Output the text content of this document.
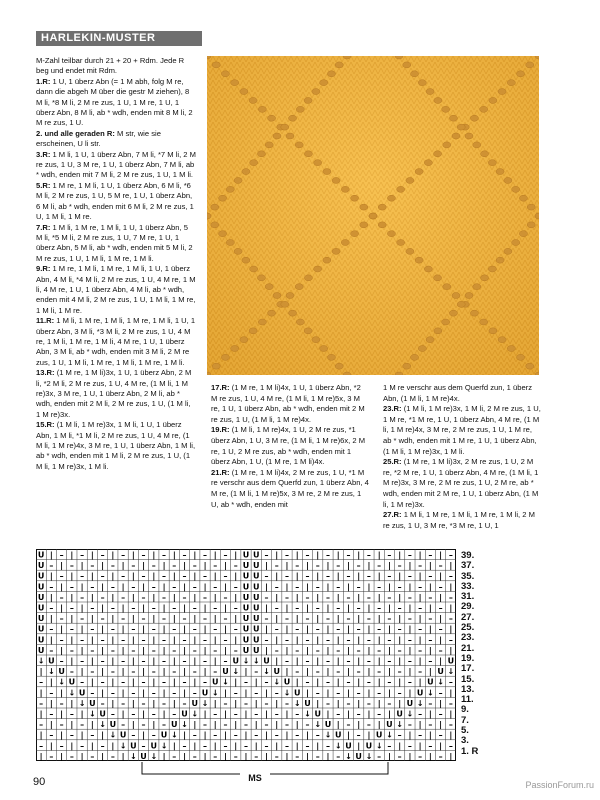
HARLEKIN-MUSTER

M-Zahl teilbar durch 21 + 20 + Rdm. Jede R beg und endet mit Rdm.

1.R: 1 U, 1 überz Abn (= 1 M abh, folg M re, dann die abgeh M über die gestr M ziehen), 8 M li, *8 M li, 2 M re zus, 1 U, 1 M re, 1 U, 1 überz Abn, 8 M li, ab * wdh, enden mit 8 M li, 2 M re zus, 1 U.

2. und alle geraden R: M str, wie sie erscheinen, U li str.

3.R: 1 M li, 1 U, 1 überz Abn, 7 M li, *7 M li, 2 M re zus, 1 U, 3 M re, 1 U, 1 überz Abn, 7 M li, ab * wdh, enden mit 7 M li, 2 M re zus, 1 U, 1 M li.

5.R: 1 M re, 1 M li, 1 U, 1 überz Abn, 6 M li, *6 M li, 2 M re zus, 1 U, 5 M re, 1 U, 1 überz Abn, 6 M li, ab * wdh, enden mit 6 M li, 2 M re zus, 1 U, 1 M li, 1 M re.

7.R: 1 M li, 1 M re, 1 M li, 1 U, 1 überz Abn, 5 M li, *5 M li, 2 M re zus, 1 U, 7 M re, 1 U, 1 überz Abn, 5 M li, ab * wdh, enden mit 5 M li, 2 M re zus, 1 U, 1 M li, 1 M re, 1 M li.

9.R: 1 M re, 1 M li, 1 M re, 1 M li, 1 U, 1 überz Abn, 4 M li, *4 M li, 2 M re zus, 1 U, 4 M re, 1 M li, 4 M re, 1 U, 1 überz Abn, 4 M li, ab * wdh, enden mit 4 M li, 2 M re zus, 1 U, 1 M li, 1 M re, 1 M li, 1 M re.

11.R: 1 M li, 1 M re, 1 M li, 1 M re, 1 M li, 1 U, 1 überz Abn, 3 M li, *3 M li, 2 M re zus, 1 U, 4 M re, 1 M li, 1 M re, 1 M li, 4 M re, 1 U, 1 überz Abn, 3 M li, ab * wdh, enden mit 3 M li, 2 M re zus, 1 U, 1 M li, 1 M re, 1 M li, 1 M re, 1 M li.

13.R: (1 M re, 1 M li)3x, 1 U, 1 überz Abn, 2 M li, *2 M li, 2 M re zus, 1 U, 4 M re, (1 M li, 1 M re)3x, 3 M re, 1 U, 1 überz Abn, 2 M li, ab * wdh, enden mit 2 M li, 2 M re zus, 1 U, (1 M li, 1 M re)3x.

15.R: (1 M li, 1 M re)3x, 1 M li, 1 U, 1 überz Abn, 1 M li, *1 M li, 2 M re zus, 1 U, 4 M re, (1 M li, 1 M re)4x, 3 M re, 1 U, 1 überz Abn, 1 M li, ab * wdh, enden mit 1 M li, 2 M re zus, 1 U, (1 M li, 1 M re)3x, 1 M li.

17.R: (1 M re, 1 M li)4x, 1 U, 1 überz Abn, *2 M re zus, 1 U, 4 M re, (1 M li, 1 M re)5x, 3 M re, 1 U, 1 überz Abn, ab * wdh, enden mit 2 M re zus, 1 U, (1 M li, 1 M re)4x.

19.R: (1 M li, 1 M re)4x, 1 U, 2 M re zus, *1 überz Abn, 1 U, 3 M re, (1 M li, 1 M re)6x, 2 M re, 1 U, 2 M re zus, ab * wdh, enden mit 1 überz Abn, 1 U, (1 M re, 1 M li)4x.

21.R: (1 M re, 1 M li)4x, 2 M re zus, 1 U, *1 M re verschr aus dem Querfd zun, 1 überz Abn, 4 M re, (1 M li, 1 M re)5x, 3 M re, 2 M re zus, 1 U, ab * wdh, enden mit

1 M re verschr aus dem Querfd zun, 1 überz Abn, (1 M li, 1 M re)4x.

23.R: (1 M li, 1 M re)3x, 1 M li, 2 M re zus, 1 U, 1 M re, *1 M re, 1 U, 1 überz Abn, 4 M re, (1 M li, 1 M re)4x, 3 M re, 2 M re zus, 1 U, 1 M re, ab * wdh, enden mit 1 M re, 1 U, 1 überz Abn, (1 M li, 1 M re)3x, 1 M li.

25.R: (1 M re, 1 M li)3x, 2 M re zus, 1 U, 2 M re, *2 M re, 1 U, 1 überz Abn, 4 M re, (1 M li, 1 M re)3x, 3 M re, 2 M re zus, 1 U, 2 M re, ab * wdh, enden mit 2 M re, 1 U, 1 überz Abn, (1 M li, 1 M re)3x.

27.R: 1 M li, 1 M re, 1 M li, 1 M re, 1 M li, 2 M re zus, 1 U, 3 M re, *3 M re, 1 U, 1

U | – | – | – | – | – | – | – | – | – | U U – | – | – | – | – | – | – | – | – | –
U – | – | – | – | – | – | – | – | – | – U U | – | – | – | – | – | – | – | – | – |
U | – | – | – | – | – | – | – | – | – | U U – | – | – | – | – | – | – | – | – | –
U – | – | – | – | – | – | – | – | – | – U U | – | – | – | – | – | – | – | – | – |
U | – | – | – | – | – | – | – | – | – | U U – | – | – | – | – | – | – | – | – | –
U – | – | – | – | – | – | – | – | – | – U U | – | – | – | – | – | – | – | – | – |
U | – | – | – | – | – | – | – | – | – | U U – | – | – | – | – | – | – | – | – | –
U – | – | – | – | – | – | – | – | – | – U U | – | – | – | – | – | – | – | – | – |
U | – | – | – | – | – | – | – | – | – | U U – | – | – | – | – | – | – | – | – | –
U – | – | – | – | – | – | – | – | – | – U U | – | – | – | – | – | – | – | – | – |
↓ U – | – | – | – | – | – | – | – | – U ↓ ↓ U | – | – | – | – | – | – | – | – | U
| ↓ U – | – | – | – | – | – | – | – U ↓ | – ↓ U | – | – | – | – | – | – | – | U ↓
– | ↓ U – | – | – | – | – | – | – U ↓ | – | – ↓ U | – | – | – | – | – | – | U ↓ –
| – | ↓ U – | – | – | – | – | – U ↓ | – | – | – ↓ U | – | – | – | – | – | U ↓ – |
– | – | ↓ U – | – | – | – | – U ↓ | – | – | – | – ↓ U | – | – | – | – | U ↓ – | –
| – | – | ↓ U – | – | – | – U ↓ | – | – | – | – | – ↓ U | – | – | – | U ↓ – | – |
– | – | – | ↓ U – | – | – U ↓ | – | – | – | – | – | – ↓ U | – | – | U ↓ – | – | –
| – | – | – | ↓ U – | – U ↓ | – | – | – | – | – | – | – ↓ U | – | U ↓ – | – | – |
– | – | – | – | ↓ U – U ↓ | – | – | – | – | – | – | – | – ↓ U | U ↓ – | – | – | –
| – | – | – | – | ↓ U ↓ | – | – | – | – | – | – | – | – | – ↓ U ↓ – | – | – | – |
39.
37.
35.
33.
31.
29.
27.
25.
23.
21.
19.
17.
15.
13.
11.
9.
7.
5.
3.
1. R
MS
90	PassionForum.ru
